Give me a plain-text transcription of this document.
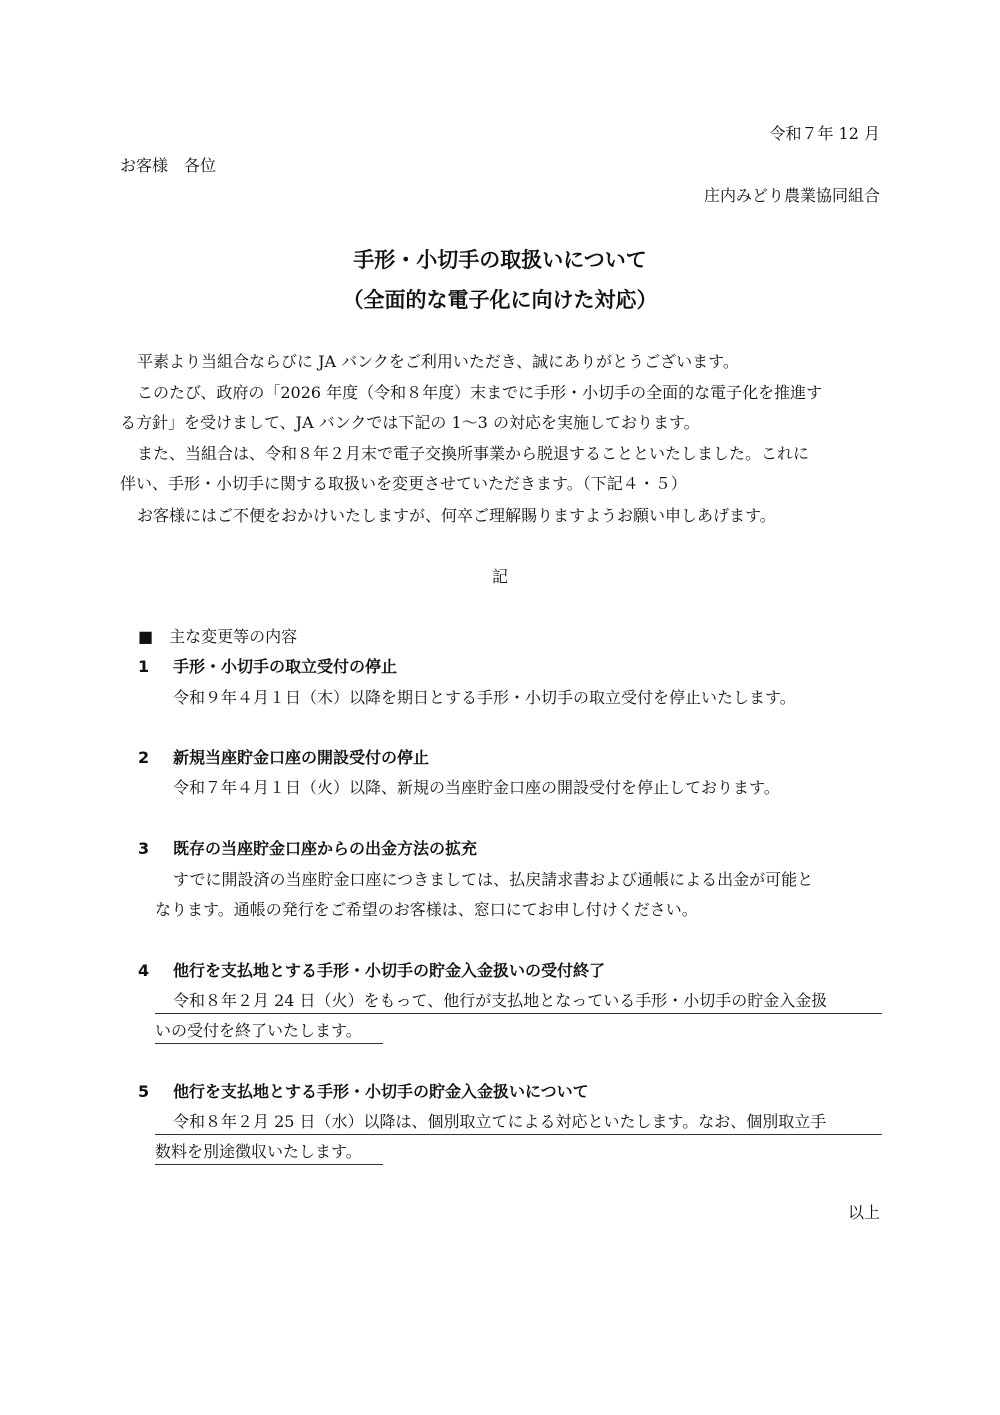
令和７年 12 月
お客様　各位
庄内みどり農業協同組合
手形・小切手の取扱いについて
（全面的な電子化に向けた対応）
平素より当組合ならびに JA バンクをご利用いただき、誠にありがとうございます。
このたび、政府の「2026 年度（令和８年度）末までに手形・小切手の全面的な電子化を推進す
る方針」を受けまして、JA バンクでは下記の 1～3 の対応を実施しております。
また、当組合は、令和８年２月末で電子交換所事業から脱退することといたしました。これに
伴い、手形・小切手に関する取扱いを変更させていただきます。（下記４・５）
お客様にはご不便をおかけいたしますが、何卒ご理解賜りますようお願い申しあげます。
記
■　主な変更等の内容
1 手形・小切手の取立受付の停止
令和９年４月１日（木）以降を期日とする手形・小切手の取立受付を停止いたします。
2 新規当座貯金口座の開設受付の停止
令和７年４月１日（火）以降、新規の当座貯金口座の開設受付を停止しております。
3 既存の当座貯金口座からの出金方法の拡充
すでに開設済の当座貯金口座につきましては、払戻請求書および通帳による出金が可能と
なります。通帳の発行をご希望のお客様は、窓口にてお申し付けください。
4 他行を支払地とする手形・小切手の貯金入金扱いの受付終了
令和８年２月 24 日（火）をもって、他行が支払地となっている手形・小切手の貯金入金扱
いの受付を終了いたします。
5 他行を支払地とする手形・小切手の貯金入金扱いについて
令和８年２月 25 日（水）以降は、個別取立てによる対応といたします。なお、個別取立手
数料を別途徴収いたします。
以上
